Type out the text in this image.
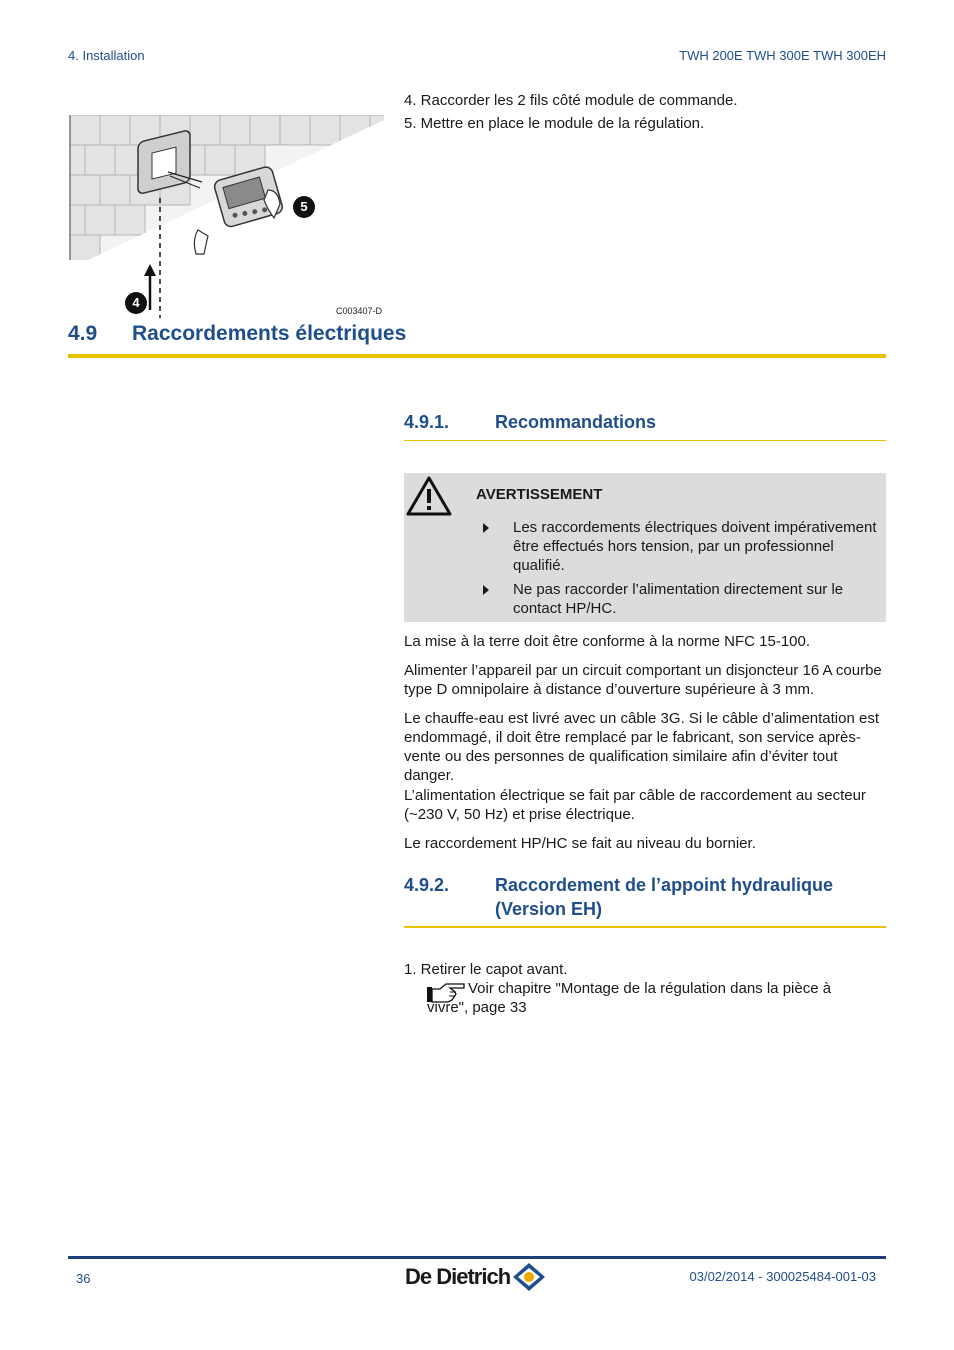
4. Installation	TWH 200E TWH 300E TWH 300EH
4
5
C003407-D
4. Raccorder les 2 fils côté module de commande.
5. Mettre en place le module de la régulation.
4.9 Raccordements électriques
4.9.1.	Recommandations
AVERTISSEMENT
Les raccordements électriques doivent impérativement être effectués hors tension, par un professionnel qualifié.
Ne pas raccorder l’alimentation directement sur le contact HP/HC.
La mise à la terre doit être conforme à la norme NFC 15-100.
Alimenter l’appareil par un circuit comportant un disjoncteur 16 A courbe type D omnipolaire à distance d’ouverture supérieure à 3 mm.
Le chauffe-eau est livré avec un câble 3G. Si le câble d’alimentation est endommagé, il doit être remplacé par le fabricant, son service après-vente ou des personnes de qualification similaire afin d’éviter tout danger.
L’alimentation électrique se fait par câble de raccordement au secteur (~230 V, 50 Hz) et prise électrique.
Le raccordement HP/HC se fait au niveau du bornier.
4.9.2.	Raccordement de l’appoint hydraulique
(Version EH)
1. Retirer le capot avant.
Voir chapitre "Montage de la régulation dans la pièce à vivre", page 33
36	De Dietrich	03/02/2014 - 300025484-001-03
